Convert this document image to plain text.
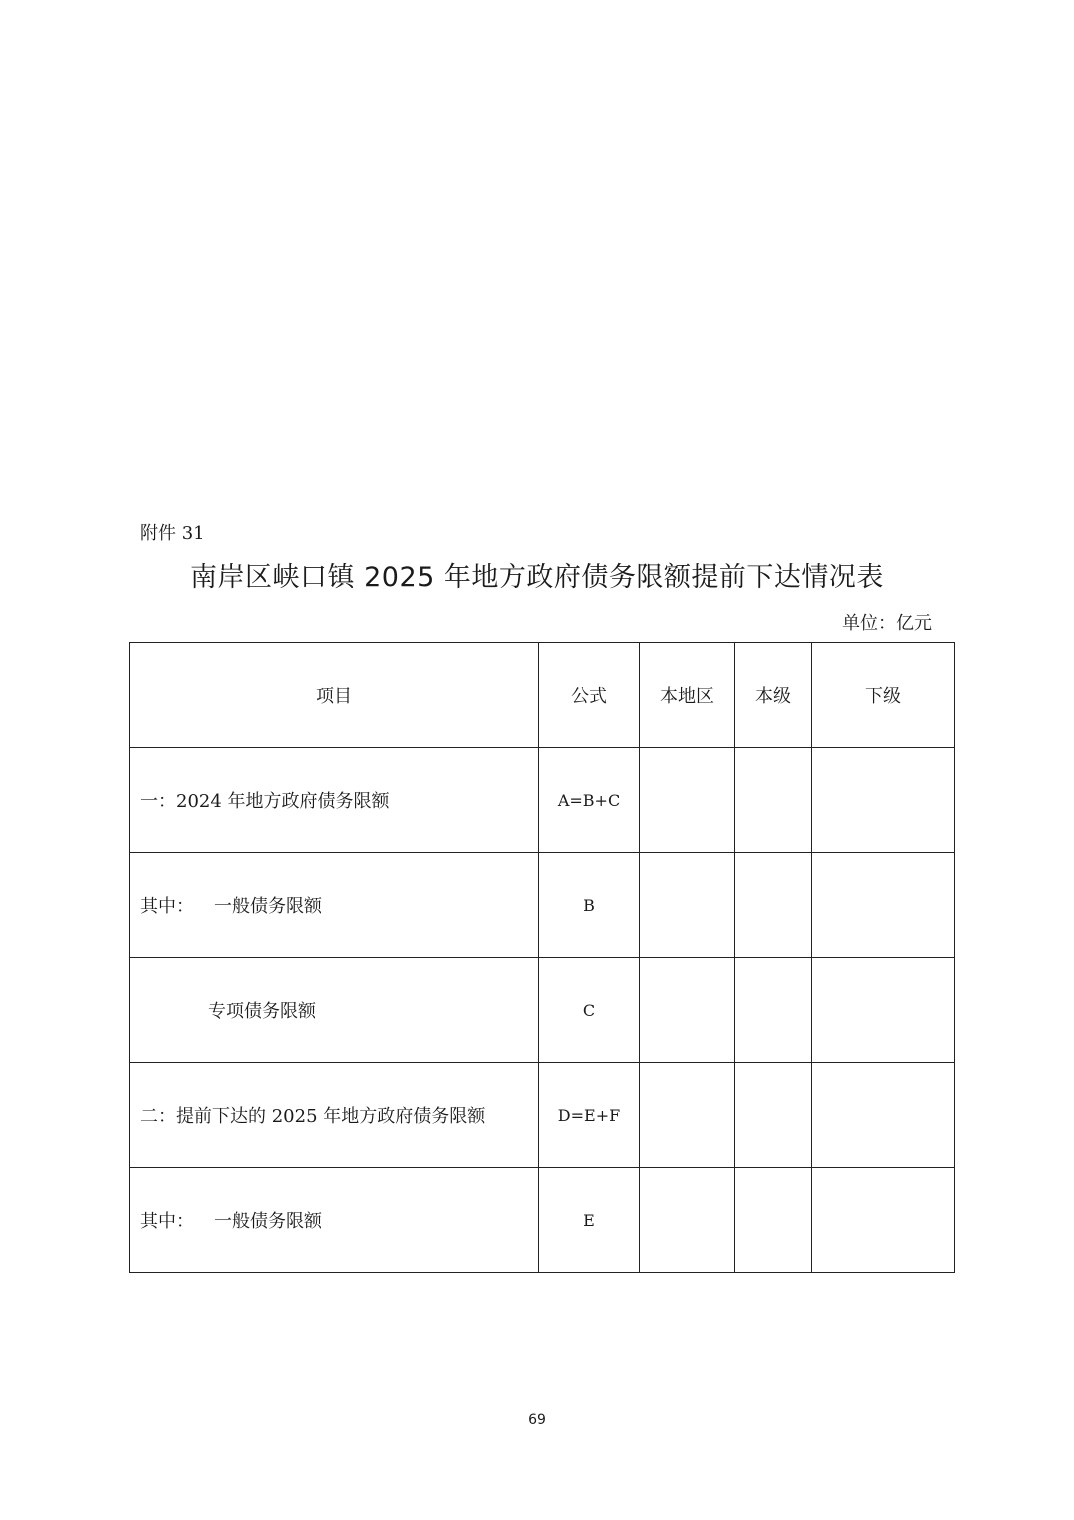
附件 31
南岸区峡口镇 2025 年地方政府债务限额提前下达情况表
单位：亿元
项目	公式	本地区	本级	下级
一：2024 年地方政府债务限额	A=B+C			
其中： 一般债务限额	B			
专项债务限额	C			
二：提前下达的 2025 年地方政府债务限额	D=E+F			
其中： 一般债务限额	E			
69
